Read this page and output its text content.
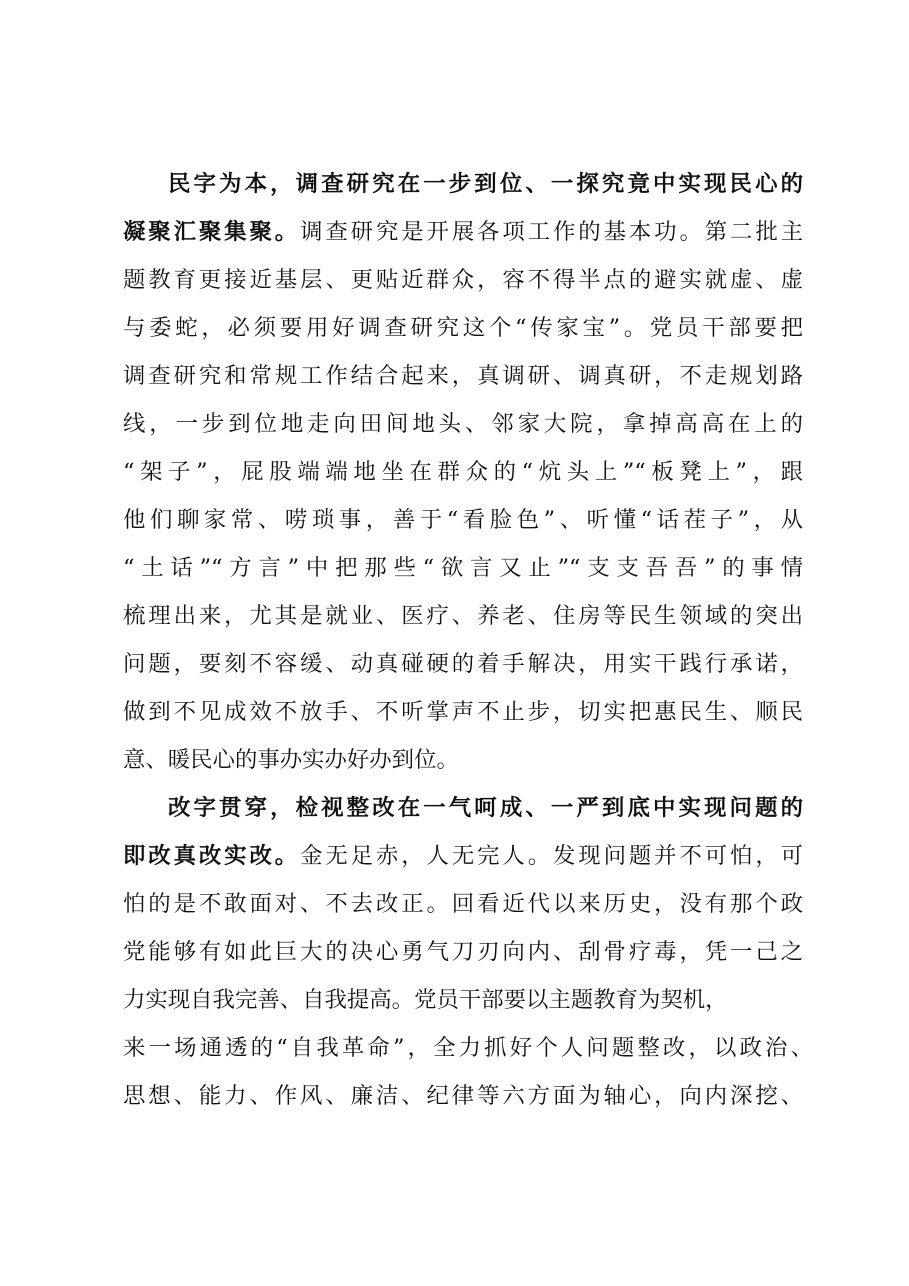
民字为本，调查研究在一步到位、一探究竟中实现民心的
凝聚汇聚集聚。调查研究是开展各项工作的基本功。第二批主
题教育更接近基层、更贴近群众，容不得半点的避实就虚、虚
与委蛇，必须要用好调查研究这个“传家宝”。党员干部要把
调查研究和常规工作结合起来，真调研、调真研，不走规划路
线，一步到位地走向田间地头、邻家大院，拿掉高高在上的
“架子”，屁股端端地坐在群众的“炕头上”“板凳上”，跟
他们聊家常、唠琐事，善于“看脸色”、听懂“话茬子”，从
“土话”“方言”中把那些“欲言又止”“支支吾吾”的事情
梳理出来，尤其是就业、医疗、养老、住房等民生领域的突出
问题，要刻不容缓、动真碰硬的着手解决，用实干践行承诺，
做到不见成效不放手、不听掌声不止步，切实把惠民生、顺民
意、暖民心的事办实办好办到位。
改字贯穿，检视整改在一气呵成、一严到底中实现问题的
即改真改实改。金无足赤，人无完人。发现问题并不可怕，可
怕的是不敢面对、不去改正。回看近代以来历史，没有那个政
党能够有如此巨大的决心勇气刀刃向内、刮骨疗毒，凭一己之
力实现自我完善、自我提高。党员干部要以主题教育为契机，
来一场通透的“自我革命”，全力抓好个人问题整改，以政治、
思想、能力、作风、廉洁、纪律等六方面为轴心，向内深挖、
